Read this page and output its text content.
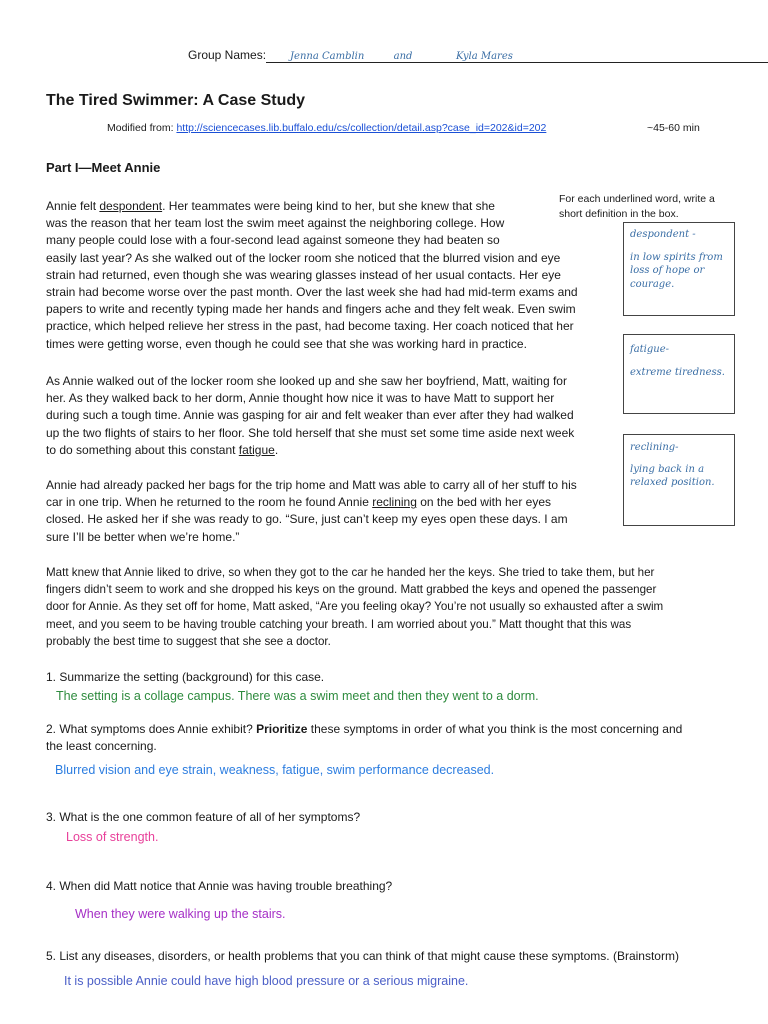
Group Names: Jenna Camblin	and	Kyla Mares
The Tired Swimmer: A Case Study
Modified from: http://sciencecases.lib.buffalo.edu/cs/collection/detail.asp?case_id=202&id=202	~45-60 min
Part I—Meet Annie
Annie felt despondent. Her teammates were being kind to her, but she knew that she
was the reason that her team lost the swim meet against the neighboring college. How
many people could lose with a four-second lead against someone they had beaten so
easily last year? As she walked out of the locker room she noticed that the blurred vision and eye
strain had returned, even though she was wearing glasses instead of her usual contacts. Her eye
strain had become worse over the past month. Over the last week she had had mid-term exams and
papers to write and recently typing made her hands and fingers ache and they felt weak. Even swim
practice, which helped relieve her stress in the past, had become taxing. Her coach noticed that her
times were getting worse, even though he could see that she was working hard in practice.
For each underlined word, write a short definition in the box.
despondent -
in low spirits from
loss of hope or
courage.
fatigue-
extreme tiredness.
reclining-
lying back in a
relaxed position.
As Annie walked out of the locker room she looked up and she saw her boyfriend, Matt, waiting for
her. As they walked back to her dorm, Annie thought how nice it was to have Matt to support her
during such a tough time. Annie was gasping for air and felt weaker than ever after they had walked
up the two flights of stairs to her floor. She told herself that she must set some time aside next week
to do something about this constant fatigue.
Annie had already packed her bags for the trip home and Matt was able to carry all of her stuff to his
car in one trip. When he returned to the room he found Annie reclining on the bed with her eyes
closed. He asked her if she was ready to go. “Sure, just can’t keep my eyes open these days. I am
sure I’ll be better when we’re home.”
Matt knew that Annie liked to drive, so when they got to the car he handed her the keys. She tried to take them, but her
fingers didn’t seem to work and she dropped his keys on the ground. Matt grabbed the keys and opened the passenger
door for Annie. As they set off for home, Matt asked, “Are you feeling okay? You’re not usually so exhausted after a swim
meet, and you seem to be having trouble catching your breath. I am worried about you.” Matt thought that this was
probably the best time to suggest that she see a doctor.
1. Summarize the setting (background) for this case.
The setting is a collage campus. There was a swim meet and then they went to a dorm.
2. What symptoms does Annie exhibit? Prioritize these symptoms in order of what you think is the most concerning and
the least concerning.
Blurred vision and eye strain, weakness, fatigue, swim performance decreased.
3. What is the one common feature of all of her symptoms?
Loss of strength.
4. When did Matt notice that Annie was having trouble breathing?
When they were walking up the stairs.
5. List any diseases, disorders, or health problems that you can think of that might cause these symptoms. (Brainstorm)
It is possible Annie could have high blood pressure or a serious migraine.
